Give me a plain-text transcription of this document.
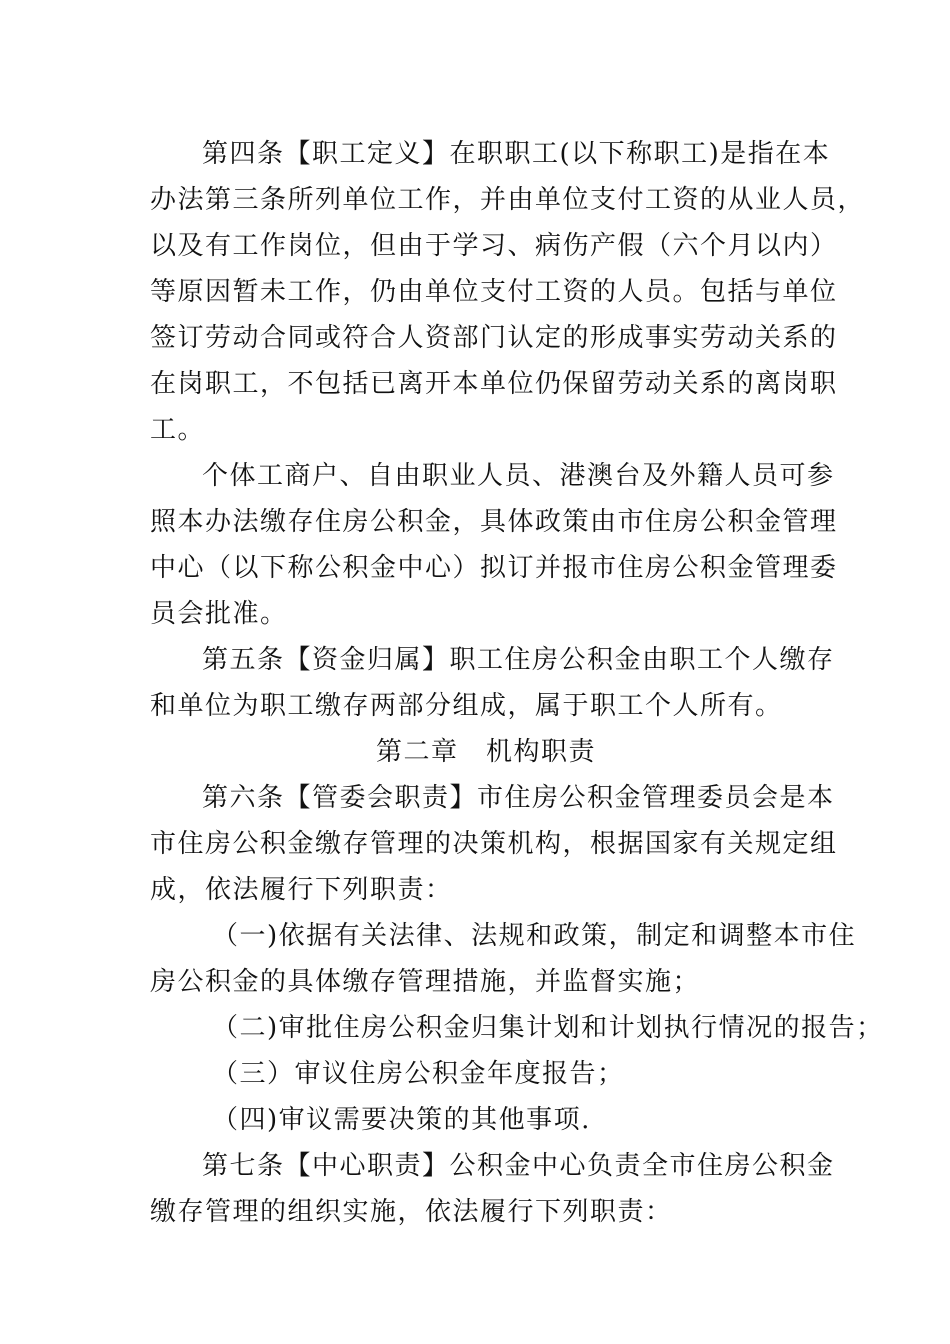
第四条【职工定义】在职职工(以下称职工)是指在本
办法第三条所列单位工作，并由单位支付工资的从业人员，
以及有工作岗位，但由于学习、病伤产假（六个月以内）
等原因暂未工作，仍由单位支付工资的人员。包括与单位
签订劳动合同或符合人资部门认定的形成事实劳动关系的
在岗职工，不包括已离开本单位仍保留劳动关系的离岗职
工。
个体工商户、自由职业人员、港澳台及外籍人员可参
照本办法缴存住房公积金，具体政策由市住房公积金管理
中心（以下称公积金中心）拟订并报市住房公积金管理委
员会批准。
第五条【资金归属】职工住房公积金由职工个人缴存
和单位为职工缴存两部分组成，属于职工个人所有。
第二章　机构职责
第六条【管委会职责】市住房公积金管理委员会是本
市住房公积金缴存管理的决策机构，根据国家有关规定组
成，依法履行下列职责：
（一)依据有关法律、法规和政策，制定和调整本市住
房公积金的具体缴存管理措施，并监督实施；
（二)审批住房公积金归集计划和计划执行情况的报告；
（三）审议住房公积金年度报告；
（四)审议需要决策的其他事项.
第七条【中心职责】公积金中心负责全市住房公积金
缴存管理的组织实施，依法履行下列职责：
